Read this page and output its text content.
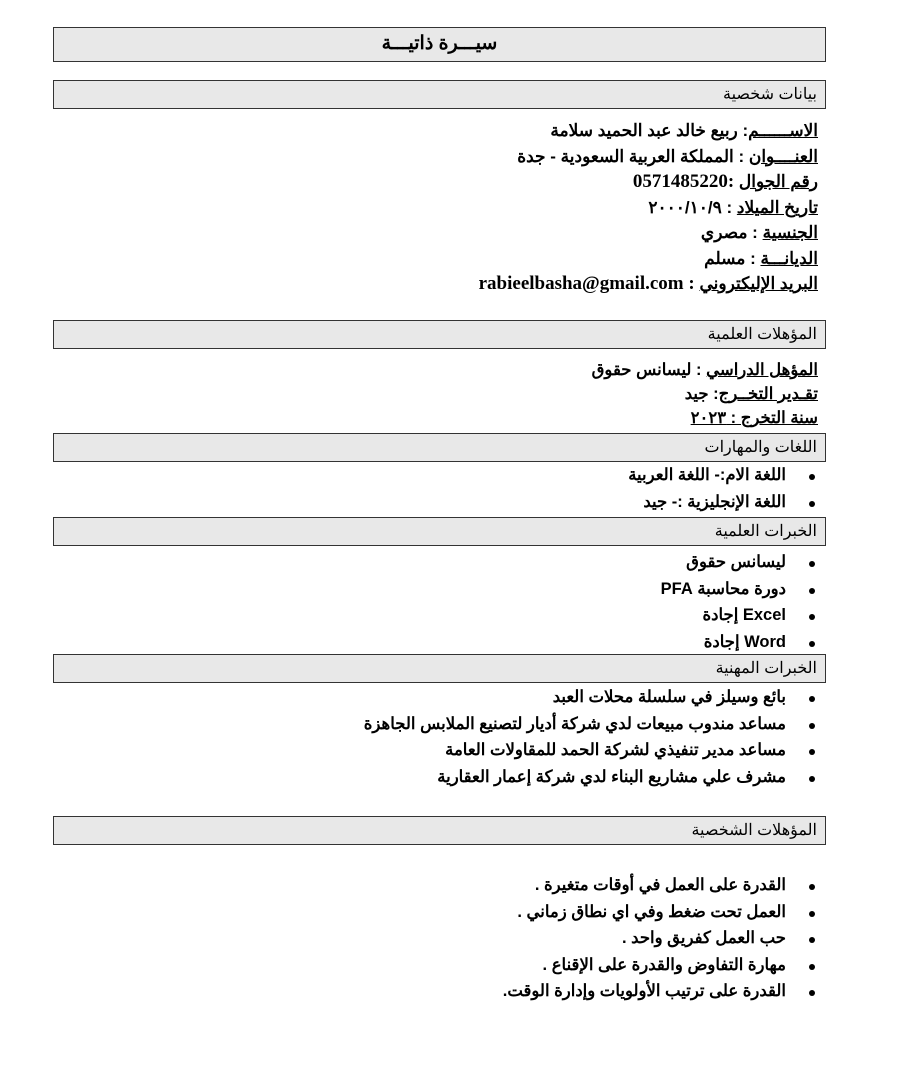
سيـــرة ذاتيـــة
بيانات شخصية
الاســــــم: ربيع خالد عبد الحميد سلامة
العنــــوان : المملكة العربية السعودية - جدة
رقم الجوال :0571485220
تاريخ الميلاد : ٢٠٠٠/١٠/٩
الجنسية : مصري
الديانـــة : مسلم
البريد الإليكتروني : rabieelbasha@gmail.com
المؤهلات العلمية
المؤهل الدراسي : ليسانس حقوق
تقـدير التخــرج: جيد
سنة التخرج : ٢٠٢٣
اللغات والمهارات
اللغة الام:- اللغة العربية
اللغة الإنجليزية :- جيد
الخبرات العلمية
ليسانس حقوق
دورة محاسبة PFA
Excel إجادة
Word إجادة
الخبرات المهنية
بائع وسيلز في سلسلة محلات العبد
مساعد مندوب مبيعات لدي شركة أديار لتصنيع الملابس الجاهزة
مساعد مدير تنفيذي لشركة الحمد للمقاولات العامة
مشرف علي مشاريع البناء لدي شركة إعمار العقارية
المؤهلات الشخصية
القدرة على العمل في أوقات متغيرة .
العمل تحت ضغط وفي اي نطاق زماني .
حب العمل كفريق واحد .
مهارة التفاوض والقدرة على الإقناع .
القدرة على ترتيب الأولويات وإدارة الوقت.
